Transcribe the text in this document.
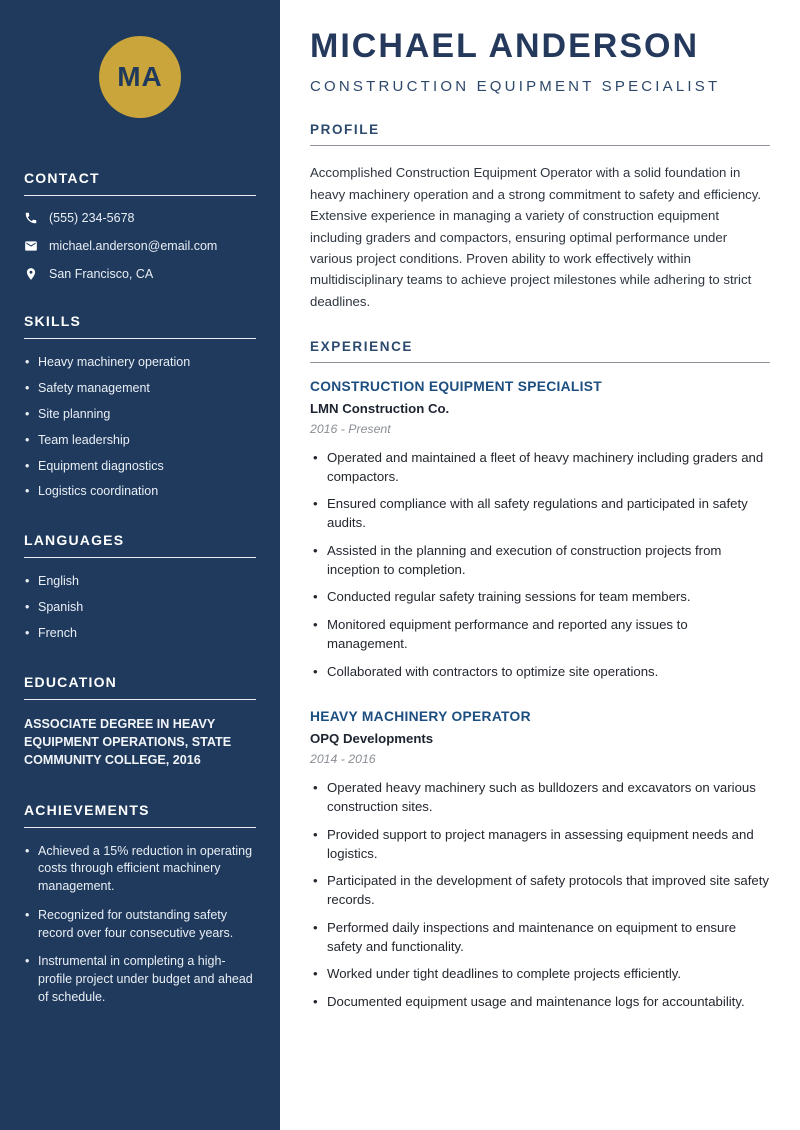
MA
CONTACT
(555) 234-5678
michael.anderson@email.com
San Francisco, CA
SKILLS
• Heavy machinery operation
• Safety management
• Site planning
• Team leadership
• Equipment diagnostics
• Logistics coordination
LANGUAGES
• English
• Spanish
• French
EDUCATION

ASSOCIATE DEGREE IN HEAVY EQUIPMENT OPERATIONS, STATE COMMUNITY COLLEGE, 2016

ACHIEVEMENTS
• Achieved a 15% reduction in operating costs through efficient machinery management.
• Recognized for outstanding safety record over four consecutive years.
• Instrumental in completing a high-profile project under budget and ahead of schedule.
MICHAEL ANDERSON
CONSTRUCTION EQUIPMENT SPECIALIST
PROFILE

Accomplished Construction Equipment Operator with a solid foundation in heavy machinery operation and a strong commitment to safety and efficiency. Extensive experience in managing a variety of construction equipment including graders and compactors, ensuring optimal performance under various project conditions. Proven ability to work effectively within multidisciplinary teams to achieve project milestones while adhering to strict deadlines.

EXPERIENCE
CONSTRUCTION EQUIPMENT SPECIALIST
LMN Construction Co.
2016 - Present
• Operated and maintained a fleet of heavy machinery including graders and compactors.
• Ensured compliance with all safety regulations and participated in safety audits.
• Assisted in the planning and execution of construction projects from inception to completion.
• Conducted regular safety training sessions for team members.
• Monitored equipment performance and reported any issues to management.
• Collaborated with contractors to optimize site operations.
HEAVY MACHINERY OPERATOR
OPQ Developments
2014 - 2016
• Operated heavy machinery such as bulldozers and excavators on various construction sites.
• Provided support to project managers in assessing equipment needs and logistics.
• Participated in the development of safety protocols that improved site safety records.
• Performed daily inspections and maintenance on equipment to ensure safety and functionality.
• Worked under tight deadlines to complete projects efficiently.
• Documented equipment usage and maintenance logs for accountability.
